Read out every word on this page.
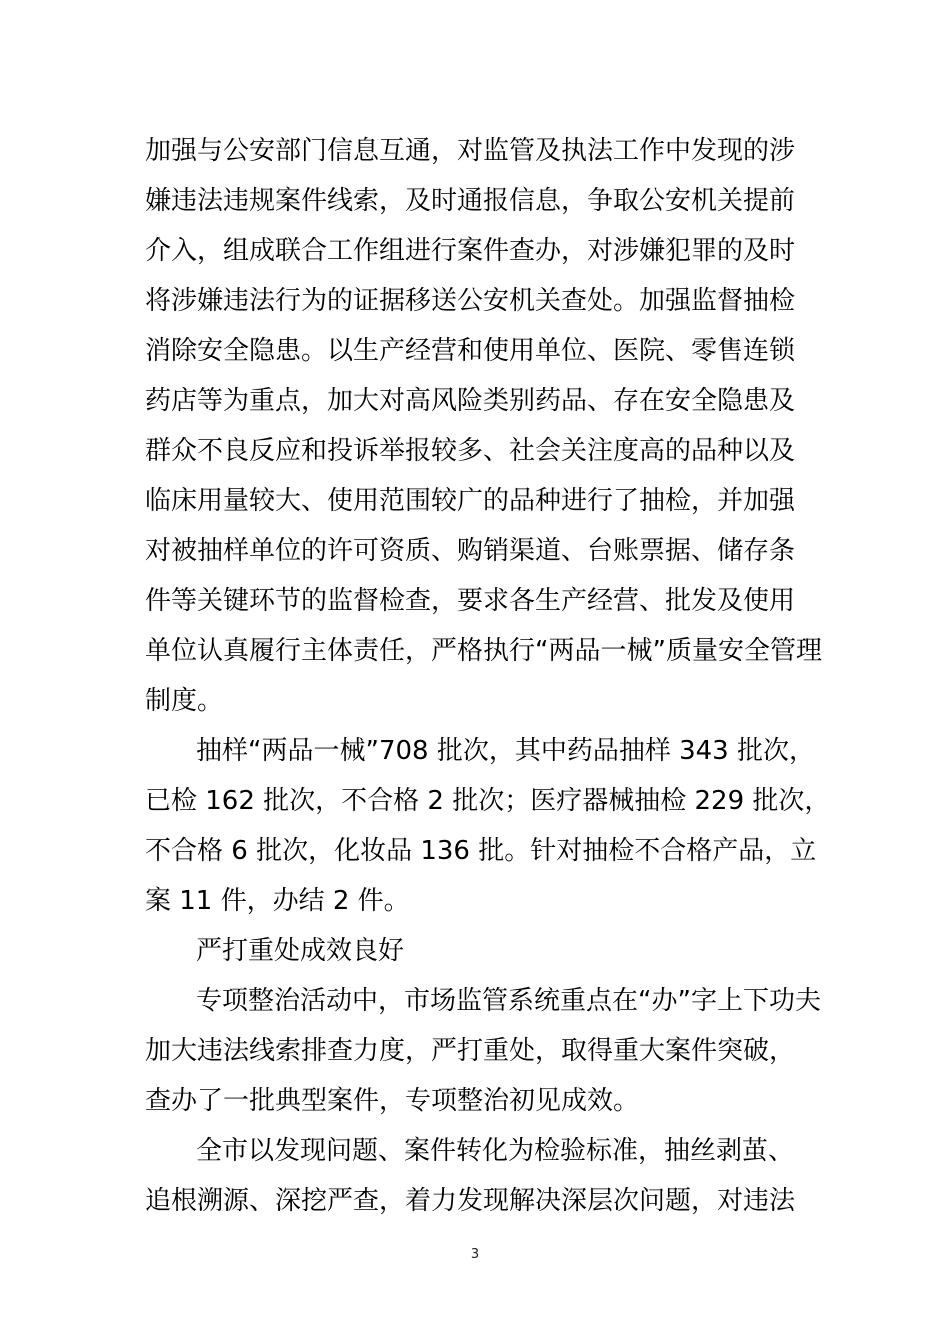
加强与公安部门信息互通，对监管及执法工作中发现的涉
嫌违法违规案件线索，及时通报信息，争取公安机关提前
介入，组成联合工作组进行案件查办，对涉嫌犯罪的及时
将涉嫌违法行为的证据移送公安机关查处。加强监督抽检
消除安全隐患。以生产经营和使用单位、医院、零售连锁
药店等为重点，加大对高风险类别药品、存在安全隐患及
群众不良反应和投诉举报较多、社会关注度高的品种以及
临床用量较大、使用范围较广的品种进行了抽检，并加强
对被抽样单位的许可资质、购销渠道、台账票据、储存条
件等关键环节的监督检查，要求各生产经营、批发及使用
单位认真履行主体责任，严格执行“两品一械”质量安全管理
制度。
抽样“两品一械”708 批次，其中药品抽样 343 批次，
已检 162 批次，不合格 2 批次；医疗器械抽检 229 批次，
不合格 6 批次，化妆品 136 批。针对抽检不合格产品，立
案 11 件，办结 2 件。
严打重处成效良好
专项整治活动中，市场监管系统重点在“办”字上下功夫
加大违法线索排查力度，严打重处，取得重大案件突破，
查办了一批典型案件，专项整治初见成效。
全市以发现问题、案件转化为检验标准，抽丝剥茧、
追根溯源、深挖严查，着力发现解决深层次问题，对违法
3
